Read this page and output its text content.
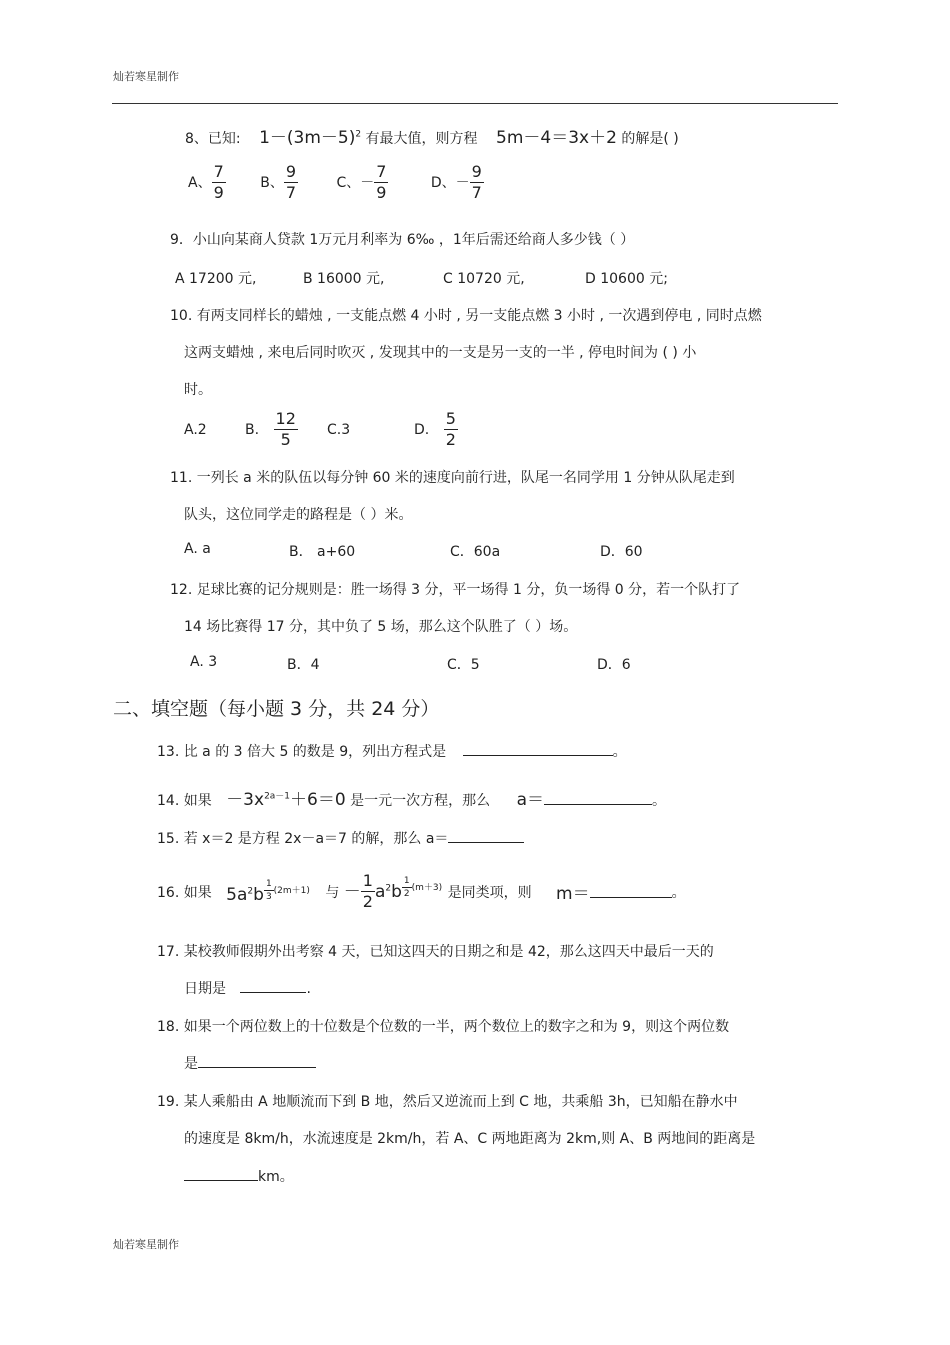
灿若寒星制作
8、已知: $1-(3m-5)^2$ 有最大值，则方程 5m－4＝3x＋2 的解是( )
A、 $\frac{7}{9}$ B、 $\frac{9}{7}$	C、－ $\frac{7}{9}$	D、－ $\frac{9}{7}$
9．小山向某商人贷款 1万元月利率为 6‰ ，1年后需还给商人多少钱（ ）
A 17200 元,	B 16000 元,	C 10720 元,	D 10600 元;
10. 有两支同样长的蜡烛 , 一支能点燃 4 小时 , 另一支能点燃 3 小时 , 一次遇到停电 , 同时点燃
这两支蜡烛 , 来电后同时吹灭 , 发现其中的一支是另一支的一半 , 停电时间为 ( ) 小
时。
A.2	B. $\frac{12}{5} C.3$	D. $\frac{5}{2}$
11. 一列长 a 米的队伍以每分钟 60 米的速度向前行进，队尾一名同学用 1 分钟从队尾走到
队头，这位同学走的路程是（ ）米。
A. a	B． a+60	C．60a	D．60
12. 足球比赛的记分规则是：胜一场得 3 分，平一场得 1 分，负一场得 0 分，若一个队打了
14 场比赛得 17 分，其中负了 5 场，那么这个队胜了（ ）场。
A. 3	B．4	C．5	D．6
二、填空题（每小题 3 分，共 24 分）
13. 比 a 的 3 倍大 5 的数是 9，列出方程式是	。
14. 如果 $-3x^{2a-1}+6=0$ 是一元一次方程，那么 a＝	。
15. 若 x＝2 是方程 2x－a＝7 的解，那么 a＝
16. 如果 $5a^2b$ $^{\frac{1}{3} (2m+1)}$ 与 － $\frac{1}{2} a^2b$ $^{\frac{1}{2} (m+3)}$ 是同类项，则 m＝	。
17. 某校教师假期外出考察 4 天，已知这四天的日期之和是 42，那么这四天中最后一天的
日期是	.
18. 如果一个两位数上的十位数是个位数的一半，两个数位上的数字之和为 9，则这个两位数
是
19. 某人乘船由 A 地顺流而下到 B 地，然后又逆流而上到 C 地，共乘船 3h，已知船在静水中
的速度是 8km/h，水流速度是 2km/h，若 A、C 两地距离为 2km,则 A、B 两地间的距离是
km。
灿若寒星制作
